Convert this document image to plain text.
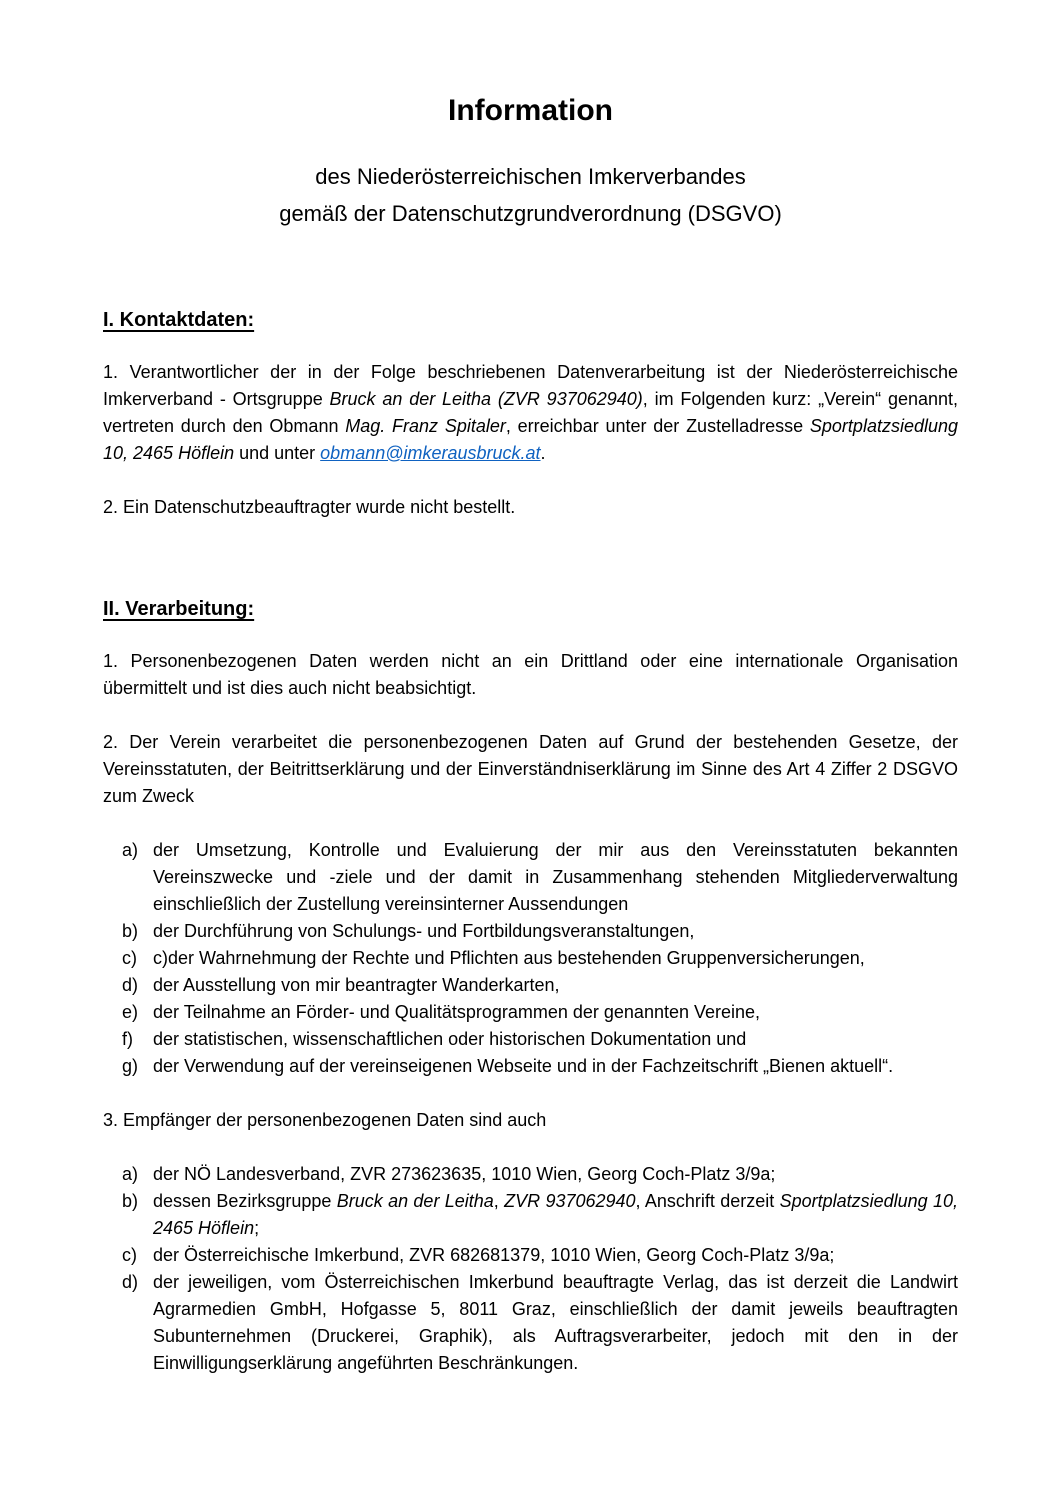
Information
des Niederösterreichischen Imkerverbandes
gemäß der Datenschutzgrundverordnung (DSGVO)
I. Kontaktdaten:

1. Verantwortlicher der in der Folge beschriebenen Datenverarbeitung ist der Niederösterreichische Imkerverband - Ortsgruppe Bruck an der Leitha (ZVR 937062940), im Folgenden kurz: „Verein“ genannt, vertreten durch den Obmann Mag. Franz Spitaler, erreichbar unter der Zustelladresse Sportplatzsiedlung 10, 2465 Höflein und unter obmann@imkerausbruck.at.

2. Ein Datenschutzbeauftragter wurde nicht bestellt.

II. Verarbeitung:

1. Personenbezogenen Daten werden nicht an ein Drittland oder eine internationale Organisation übermittelt und ist dies auch nicht beabsichtigt.

2. Der Verein verarbeitet die personenbezogenen Daten auf Grund der bestehenden Gesetze, der Vereinsstatuten, der Beitrittserklärung und der Einverständniserklärung im Sinne des Art 4 Ziffer 2 DSGVO zum Zweck

a) der Umsetzung, Kontrolle und Evaluierung der mir aus den Vereinsstatuten bekannten Vereinszwecke und -ziele und der damit in Zusammenhang stehenden Mitgliederverwaltung einschließlich der Zustellung vereinsinterner Aussendungen
b) der Durchführung von Schulungs- und Fortbildungsveranstaltungen,
c) c)der Wahrnehmung der Rechte und Pflichten aus bestehenden Gruppenversicherungen,
d) der Ausstellung von mir beantragter Wanderkarten,
e) der Teilnahme an Förder- und Qualitätsprogrammen der genannten Vereine,
f)	der statistischen, wissenschaftlichen oder historischen Dokumentation und
g) der Verwendung auf der vereinseigenen Webseite und in der Fachzeitschrift „Bienen aktuell“.

3. Empfänger der personenbezogenen Daten sind auch

a) der NÖ Landesverband, ZVR 273623635, 1010 Wien, Georg Coch-Platz 3/9a;
b) dessen Bezirksgruppe Bruck an der Leitha, ZVR 937062940, Anschrift derzeit Sportplatzsiedlung 10, 2465 Höflein;
c) der Österreichische Imkerbund, ZVR 682681379, 1010 Wien, Georg Coch-Platz 3/9a;
d) der jeweiligen, vom Österreichischen Imkerbund beauftragte Verlag, das ist derzeit die Landwirt Agrarmedien GmbH, Hofgasse 5, 8011 Graz, einschließlich der damit jeweils beauftragten Subunternehmen (Druckerei, Graphik), als Auftragsverarbeiter, jedoch mit den in der Einwilligungserklärung angeführten Beschränkungen.
